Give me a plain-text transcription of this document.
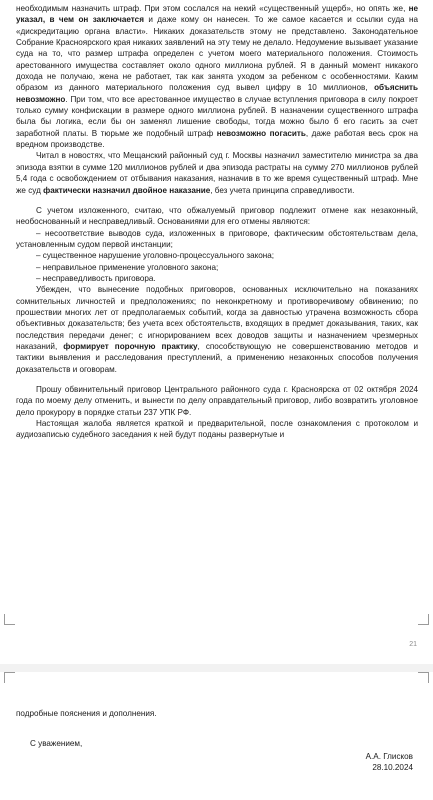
необходимым назначить штраф. При этом сослался на некий «существенный ущерб», но опять же, не указал, в чем он заключается и даже кому он нанесен. То же самое касается и ссылки суда на «дискредитацию органа власти». Никаких доказательств этому не представлено. Законодательное Собрание Красноярского края никаких заявлений на эту тему не делало. Недоумение вызывает указание суда на то, что размер штрафа определен с учетом моего материального положения. Стоимость арестованного имущества составляет около одного миллиона рублей. Я в данный момент никакого дохода не получаю, жена не работает, так как занята уходом за ребенком с особенностями. Каким образом из данного материального положения суд вывел цифру в 10 миллионов, объяснить невозможно. При том, что все арестованное имущество в случае вступления приговора в силу покроет только сумму конфискации в размере одного миллиона рублей. В назначении существенного штрафа была бы логика, если бы он заменял лишение свободы, тогда можно было б его гасить за счет заработной платы. В тюрьме же подобный штраф невозможно погасить, даже работая весь срок на вредном производстве.

Читал в новостях, что Мещанский районный суд г. Москвы назначил заместителю министра за два эпизода взятки в сумме 120 миллионов рублей и два эпизода растраты на сумму 270 миллионов рублей 5,4 года с освобождением от отбывания наказания, назначив в то же время существенный штраф. Мне же суд фактически назначил двойное наказание, без учета принципа справедливости.

С учетом изложенного, считаю, что обжалуемый приговор подлежит отмене как незаконный, необоснованный и несправедливый. Основаниями для его отмены являются:

– несоответствие выводов суда, изложенных в приговоре, фактическим обстоятельствам дела, установленным судом первой инстанции;

– существенное нарушение уголовно-процессуального закона;

– неправильное применение уголовного закона;

– несправедливость приговора.

Убежден, что вынесение подобных приговоров, основанных исключительно на показаниях сомнительных личностей и предположениях; по неконкретному и противоречивому обвинению; по прошествии многих лет от предполагаемых событий, когда за давностью утрачена возможность сбора объективных доказательств; без учета всех обстоятельств, входящих в предмет доказывания, таких, как последствия передачи денег; с игнорированием всех доводов защиты и назначением чрезмерных наказаний, формирует порочную практику, способствующую не совершенствованию методов и тактики выявления и расследования преступлений, а применению незаконных способов получения доказательств и оговорам.

Прошу обвинительный приговор Центрального районного суда г. Красноярска от 02 октября 2024 года по моему делу отменить, и вынести по делу оправдательный приговор, либо возвратить уголовное дело прокурору в порядке статьи 237 УПК РФ.

Настоящая жалоба является краткой и предварительной, после ознакомления с протоколом и аудиозаписью судебного заседания к ней будут поданы развернутые и

21
подробные пояснения и дополнения.
С уважением,
А.А. Глисков
28.10.2024
